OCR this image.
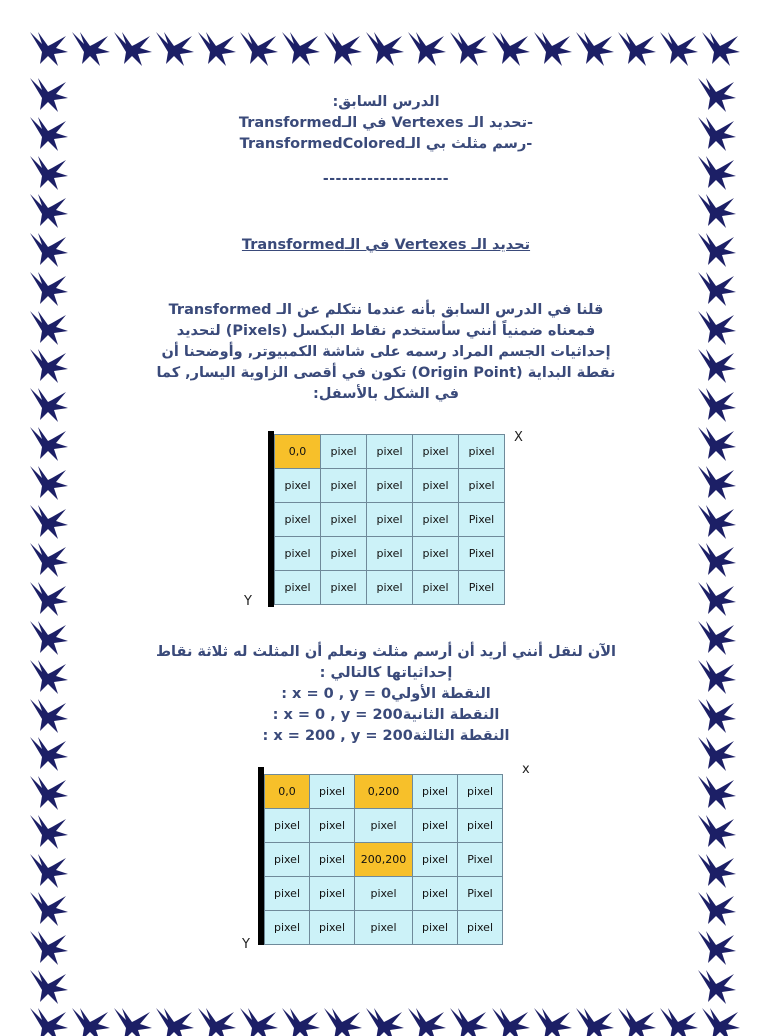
الدرس السابق:

-تحديد الـ Vertexes في الـTransformed

-رسم مثلث بي الـTransformedColored

--------------------

تحديد الـ Vertexes في الـTransformed

قلنا في الدرس السابق بأنه عندما نتكلم عن الـ Transformed

فمعناه ضمنياً أنني سأستخدم نقاط البكسل (Pixels) لتحديد

إحداثيات الجسم المراد رسمه على شاشة الكمبيوتر, وأوضحنا أن

نقطة البداية (Origin Point) تكون في أقصى الزاوية اليسار, كما

في الشكل بالأسفل:

0,0	pixel	pixel	pixel	pixel
pixel	pixel	pixel	pixel	pixel
pixel	pixel	pixel	pixel	Pixel
pixel	pixel	pixel	pixel	Pixel
pixel	pixel	pixel	pixel	Pixel
X
Y

الآن لنقل أنني أريد أن أرسم مثلث ونعلم أن المثلث له ثلاثة نقاط

إحداثياتها كالتالي :

: x = 0 , y = 0النقطة الأولي

: x = 0 , y = 200النقطة الثانية

: x = 200 , y = 200النقطة الثالثة

0,0	pixel	0,200	pixel	pixel
pixel	pixel	pixel	pixel	pixel
pixel	pixel	200,200	pixel	Pixel
pixel	pixel	pixel	pixel	Pixel
pixel	pixel	pixel	pixel	pixel
x
Y
